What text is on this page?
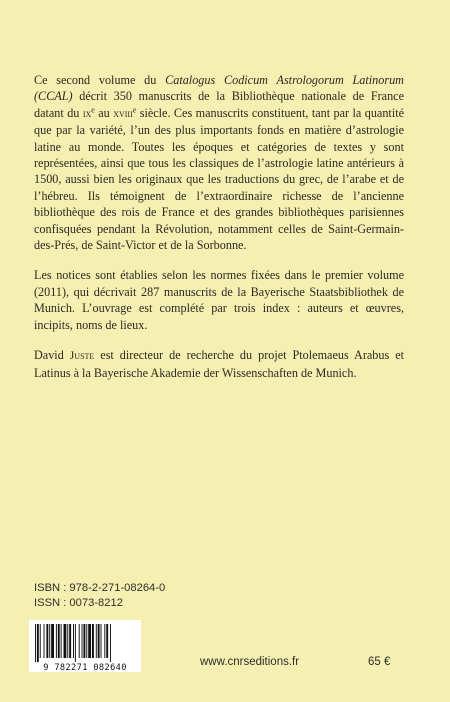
Ce second volume du Catalogus Codicum Astrologorum Latinorum (CCAL) décrit 350 manuscrits de la Bibliothèque nationale de France datant du $ix^e$ au xviii$^e$ siècle. Ces manuscrits constituent, tant par la quantité que par la variété, l’un des plus importants fonds en matière d’astrologie latine au monde. Toutes les époques et catégories de textes y sont représentées, ainsi que tous les classiques de l’astrologie latine antérieurs à 1500, aussi bien les originaux que les traductions du grec, de l’arabe et de l’hébreu. Ils témoignent de l’extraordinaire richesse de l’ancienne bibliothèque des rois de France et des grandes bibliothèques parisiennes confisquées pendant la Révolution, notamment celles de Saint-Germain-des-Prés, de Saint-Victor et de la Sorbonne.

Les notices sont établies selon les normes fixées dans le premier volume (2011), qui décrivait 287 manuscrits de la Bayerische Staatsbibliothek de Munich. L’ouvrage est complété par trois index : auteurs et œuvres, incipits, noms de lieux.

David Juste est directeur de recherche du projet Ptolemaeus Arabus et Latinus à la Bayerische Akademie der Wissenschaften de Munich.

ISBN : 978-2-271-08264-0
ISSN : 0073-8212
9 782271 082640	www.cnrseditions.fr	65 €
